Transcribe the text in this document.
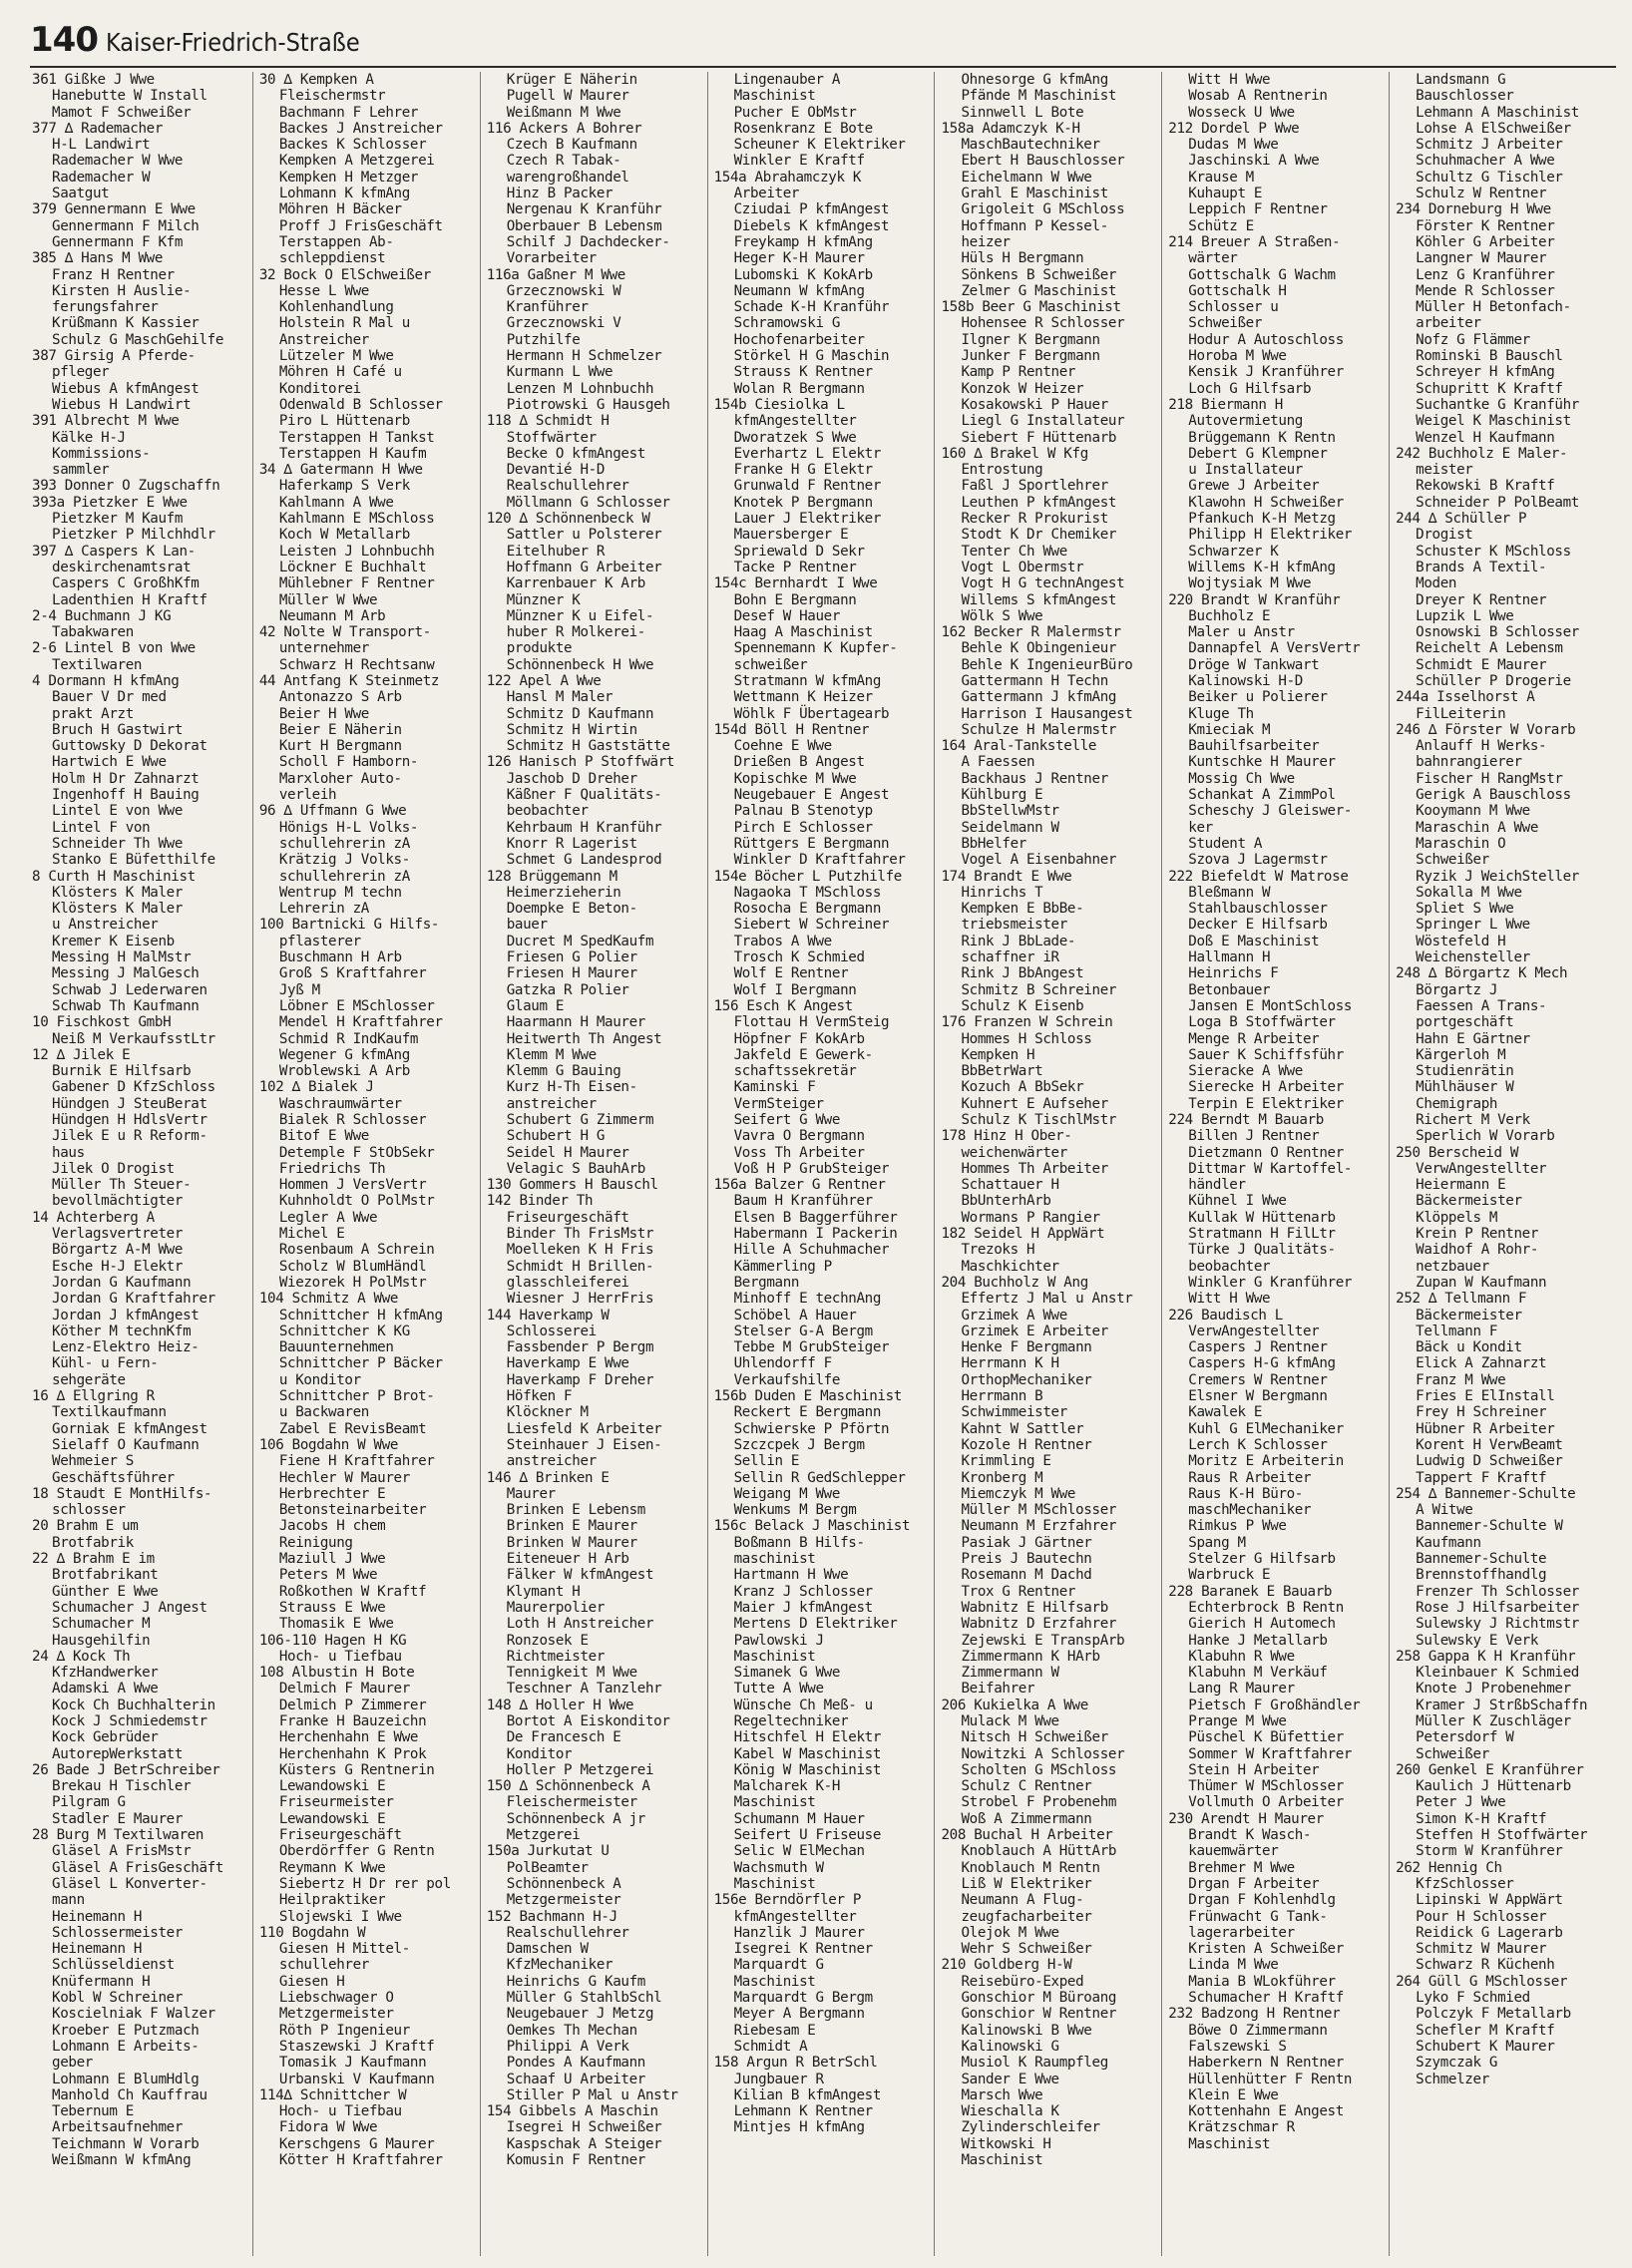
140 Kaiser-Friedrich-Straße
361 Gißke J Wwe
Hanebutte W Install
Mamot F Schweißer
377 ∆ Rademacher
H-L Landwirt
Rademacher W Wwe
Rademacher W
Saatgut
379 Gennermann E Wwe
Gennermann F Milch
Gennermann F Kfm
385 ∆ Hans M Wwe
Franz H Rentner
Kirsten H Auslie-
ferungsfahrer
Krüßmann K Kassier
Schulz G MaschGehilfe
387 Girsig A Pferde-
pfleger
Wiebus A kfmAngest
Wiebus H Landwirt
391 Albrecht M Wwe
Kälke H-J
Kommissions-
sammler
393 Donner O Zugschaffn
393a Pietzker E Wwe
Pietzker M Kaufm
Pietzker P Milchhdlr
397 ∆ Caspers K Lan-
deskirchenamtsrat
Caspers C GroßhKfm
Ladenthien H Kraftf
2-4 Buchmann J KG
Tabakwaren
2-6 Lintel B von Wwe
Textilwaren
4 Dormann H kfmAng
Bauer V Dr med
prakt Arzt
Bruch H Gastwirt
Guttowsky D Dekorat
Hartwich E Wwe
Holm H Dr Zahnarzt
Ingenhoff H Bauing
Lintel E von Wwe
Lintel F von
Schneider Th Wwe
Stanko E Büfetthilfe
8 Curth H Maschinist
Klösters K Maler
Klösters K Maler
u Anstreicher
Kremer K Eisenb
Messing H MalMstr
Messing J MalGesch
Schwab J Lederwaren
Schwab Th Kaufmann
10 Fischkost GmbH
Neiß M VerkaufsstLtr
12 ∆ Jilek E
Burnik E Hilfsarb
Gabener D KfzSchloss
Hündgen J SteuBerat
Hündgen H HdlsVertr
Jilek E u R Reform-
haus
Jilek O Drogist
Müller Th Steuer-
bevollmächtigter
14 Achterberg A
Verlagsvertreter
Börgartz A-M Wwe
Esche H-J Elektr
Jordan G Kaufmann
Jordan G Kraftfahrer
Jordan J kfmAngest
Köther M technKfm
Lenz-Elektro Heiz-
Kühl- u Fern-
sehgeräte
16 ∆ Ellgring R
Textilkaufmann
Gorniak E kfmAngest
Sielaff O Kaufmann
Wehmeier S
Geschäftsführer
18 Staudt E MontHilfs-
schlosser
20 Brahm E um
Brotfabrik
22 ∆ Brahm E im
Brotfabrikant
Günther E Wwe
Schumacher J Angest
Schumacher M
Hausgehilfin
24 ∆ Kock Th
KfzHandwerker
Adamski A Wwe
Kock Ch Buchhalterin
Kock J Schmiedemstr
Kock Gebrüder
AutorepWerkstatt
26 Bade J BetrSchreiber
Brekau H Tischler
Pilgram G
Stadler E Maurer
28 Burg M Textilwaren
Gläsel A FrisMstr
Gläsel A FrisGeschäft
Gläsel L Konverter-
mann
Heinemann H
Schlossermeister
Heinemann H
Schlüsseldienst
Knüfermann H
Kobl W Schreiner
Koscielniak F Walzer
Kroeber E Putzmach
Lohmann E Arbeits-
geber
Lohmann E BlumHdlg
Manhold Ch Kauffrau
Tebernum E
Arbeitsaufnehmer
Teichmann W Vorarb
Weißmann W kfmAng
30 ∆ Kempken A
Fleischermstr
Bachmann F Lehrer
Backes J Anstreicher
Backes K Schlosser
Kempken A Metzgerei
Kempken H Metzger
Lohmann K kfmAng
Möhren H Bäcker
Proff J FrisGeschäft
Terstappen Ab-
schleppdienst
32 Bock O ElSchweißer
Hesse L Wwe
Kohlenhandlung
Holstein R Mal u
Anstreicher
Lützeler M Wwe
Möhren H Café u
Konditorei
Odenwald B Schlosser
Piro L Hüttenarb
Terstappen H Tankst
Terstappen H Kaufm
34 ∆ Gatermann H Wwe
Haferkamp S Verk
Kahlmann A Wwe
Kahlmann E MSchloss
Koch W Metallarb
Leisten J Lohnbuchh
Löckner E Buchhalt
Mühlebner F Rentner
Müller W Wwe
Neumann M Arb
42 Nolte W Transport-
unternehmer
Schwarz H Rechtsanw
44 Antfang K Steinmetz
Antonazzo S Arb
Beier H Wwe
Beier E Näherin
Kurt H Bergmann
Scholl F Hamborn-
Marxloher Auto-
verleih
96 ∆ Uffmann G Wwe
Hönigs H-L Volks-
schullehrerin zA
Krätzig J Volks-
schullehrerin zA
Wentrup M techn
Lehrerin zA
100 Bartnicki G Hilfs-
pflasterer
Buschmann H Arb
Groß S Kraftfahrer
Jyß M
Löbner E MSchlosser
Mendel H Kraftfahrer
Schmid R IndKaufm
Wegener G kfmAng
Wroblewski A Arb
102 ∆ Bialek J
Waschraumwärter
Bialek R Schlosser
Bitof E Wwe
Detemple F StObSekr
Friedrichs Th
Hommen J VersVertr
Kuhnholdt O PolMstr
Legler A Wwe
Michel E
Rosenbaum A Schrein
Scholz W BlumHändl
Wiezorek H PolMstr
104 Schmitz A Wwe
Schnittcher H kfmAng
Schnittcher K KG
Bauunternehmen
Schnittcher P Bäcker
u Konditor
Schnittcher P Brot-
u Backwaren
Zabel E RevisBeamt
106 Bogdahn W Wwe
Fiene H Kraftfahrer
Hechler W Maurer
Herbrechter E
Betonsteinarbeiter
Jacobs H chem
Reinigung
Maziull J Wwe
Peters M Wwe
Roßkothen W Kraftf
Strauss E Wwe
Thomasik E Wwe
106-110 Hagen H KG
Hoch- u Tiefbau
108 Albustin H Bote
Delmich F Maurer
Delmich P Zimmerer
Franke H Bauzeichn
Herchenhahn E Wwe
Herchenhahn K Prok
Küsters G Rentnerin
Lewandowski E
Friseurmeister
Lewandowski E
Friseurgeschäft
Oberdörffer G Rentn
Reymann K Wwe
Siebertz H Dr rer pol
Heilpraktiker
Slojewski I Wwe
110 Bogdahn W
Giesen H Mittel-
schullehrer
Giesen H
Liebschwager O
Metzgermeister
Röth P Ingenieur
Staszewski J Kraftf
Tomasik J Kaufmann
Urbanski V Kaufmann
114∆ Schnittcher W
Hoch- u Tiefbau
Fidora W Wwe
Kerschgens G Maurer
Kötter H Kraftfahrer
Krüger E Näherin
Pugell W Maurer
Weißmann M Wwe
116 Ackers A Bohrer
Czech B Kaufmann
Czech R Tabak-
warengroßhandel
Hinz B Packer
Nergenau K Kranführ
Oberbauer B Lebensm
Schilf J Dachdecker-
Vorarbeiter
116a Gaßner M Wwe
Grzecznowski W
Kranführer
Grzecznowski V
Putzhilfe
Hermann H Schmelzer
Kurmann L Wwe
Lenzen M Lohnbuchh
Piotrowski G Hausgeh
118 ∆ Schmidt H
Stoffwärter
Becke O kfmAngest
Devantié H-D
Realschullehrer
Möllmann G Schlosser
120 ∆ Schönnenbeck W
Sattler u Polsterer
Eitelhuber R
Hoffmann G Arbeiter
Karrenbauer K Arb
Münzner K
Münzner K u Eifel-
huber R Molkerei-
produkte
Schönnenbeck H Wwe
122 Apel A Wwe
Hansl M Maler
Schmitz D Kaufmann
Schmitz H Wirtin
Schmitz H Gaststätte
126 Hanisch P Stoffwärt
Jaschob D Dreher
Käßner F Qualitäts-
beobachter
Kehrbaum H Kranführ
Knorr R Lagerist
Schmet G Landesprod
128 Brüggemann M
Heimerzieherin
Doempke E Beton-
bauer
Ducret M SpedKaufm
Friesen G Polier
Friesen H Maurer
Gatzka R Polier
Glaum E
Haarmann H Maurer
Heitwerth Th Angest
Klemm M Wwe
Klemm G Bauing
Kurz H-Th Eisen-
anstreicher
Schubert G Zimmerm
Schubert H G
Seidel H Maurer
Velagic S BauhArb
130 Gommers H Bauschl
142 Binder Th
Friseurgeschäft
Binder Th FrisMstr
Moelleken K H Fris
Schmidt H Brillen-
glasschleiferei
Wiesner J HerrFris
144 Haverkamp W
Schlosserei
Fassbender P Bergm
Haverkamp E Wwe
Haverkamp F Dreher
Höfken F
Klöckner M
Liesfeld K Arbeiter
Steinhauer J Eisen-
anstreicher
146 ∆ Brinken E
Maurer
Brinken E Lebensm
Brinken E Maurer
Brinken W Maurer
Eiteneuer H Arb
Fälker W kfmAngest
Klymant H
Maurerpolier
Loth H Anstreicher
Ronzosek E
Richtmeister
Tennigkeit M Wwe
Teschner A Tanzlehr
148 ∆ Holler H Wwe
Bortot A Eiskonditor
De Francesch E
Konditor
Holler P Metzgerei
150 ∆ Schönnenbeck A
Fleischermeister
Schönnenbeck A jr
Metzgerei
150a Jurkutat U
PolBeamter
Schönnenbeck A
Metzgermeister
152 Bachmann H-J
Realschullehrer
Damschen W
KfzMechaniker
Heinrichs G Kaufm
Müller G StahlbSchl
Neugebauer J Metzg
Oemkes Th Mechan
Philippi A Verk
Pondes A Kaufmann
Schaaf U Arbeiter
Stiller P Mal u Anstr
154 Gibbels A Maschin
Isegrei H Schweißer
Kaspschak A Steiger
Komusin F Rentner
Lingenauber A
Maschinist
Pucher E ObMstr
Rosenkranz E Bote
Scheuner K Elektriker
Winkler E Kraftf
154a Abrahamczyk K
Arbeiter
Cziudai P kfmAngest
Diebels K kfmAngest
Freykamp H kfmAng
Heger K-H Maurer
Lubomski K KokArb
Neumann W kfmAng
Schade K-H Kranführ
Schramowski G
Hochofenarbeiter
Störkel H G Maschin
Strauss K Rentner
Wolan R Bergmann
154b Ciesiolka L
kfmAngestellter
Dworatzek S Wwe
Everhartz L Elektr
Franke H G Elektr
Grunwald F Rentner
Knotek P Bergmann
Lauer J Elektriker
Mauersberger E
Spriewald D Sekr
Tacke P Rentner
154c Bernhardt I Wwe
Bohn E Bergmann
Desef W Hauer
Haag A Maschinist
Spennemann K Kupfer-
schweißer
Stratmann W kfmAng
Wettmann K Heizer
Wöhlk F Übertagearb
154d Böll H Rentner
Coehne E Wwe
Drießen B Angest
Kopischke M Wwe
Neugebauer E Angest
Palnau B Stenotyp
Pirch E Schlosser
Rüttgers E Bergmann
Winkler D Kraftfahrer
154e Böcher L Putzhilfe
Nagaoka T MSchloss
Rosocha E Bergmann
Siebert W Schreiner
Trabos A Wwe
Trosch K Schmied
Wolf E Rentner
Wolf I Bergmann
156 Esch K Angest
Flottau H VermSteig
Höpfner F KokArb
Jakfeld E Gewerk-
schaftssekretär
Kaminski F
VermSteiger
Seifert G Wwe
Vavra O Bergmann
Voss Th Arbeiter
Voß H P GrubSteiger
156a Balzer G Rentner
Baum H Kranführer
Elsen B Baggerführer
Habermann I Packerin
Hille A Schuhmacher
Kämmerling P
Bergmann
Minhoff E technAng
Schöbel A Hauer
Stelser G-A Bergm
Tebbe M GrubSteiger
Uhlendorff F
Verkaufshilfe
156b Duden E Maschinist
Reckert E Bergmann
Schwierske P Pförtn
Szczcpek J Bergm
Sellin E
Sellin R GedSchlepper
Weigang M Wwe
Wenkums M Bergm
156c Belack J Maschinist
Boßmann B Hilfs-
maschinist
Hartmann H Wwe
Kranz J Schlosser
Maier J kfmAngest
Mertens D Elektriker
Pawlowski J
Maschinist
Simanek G Wwe
Tutte A Wwe
Wünsche Ch Meß- u
Regeltechniker
Hitschfel H Elektr
Kabel W Maschinist
König W Maschinist
Malcharek K-H
Maschinist
Schumann M Hauer
Seifert U Friseuse
Selic W ElMechan
Wachsmuth W
Maschinist
156e Berndörfler P
kfmAngestellter
Hanzlik J Maurer
Isegrei K Rentner
Marquardt G
Maschinist
Marquardt G Bergm
Meyer A Bergmann
Riebesam E
Schmidt A
158 Argun R BetrSchl
Jungbauer R
Kilian B kfmAngest
Lehmann K Rentner
Mintjes H kfmAng
Ohnesorge G kfmAng
Pfände M Maschinist
Sinnwell L Bote
158a Adamczyk K-H
MaschBautechniker
Ebert H Bauschlosser
Eichelmann W Wwe
Grahl E Maschinist
Grigoleit G MSchloss
Hoffmann P Kessel-
heizer
Hüls H Bergmann
Sönkens B Schweißer
Zelmer G Maschinist
158b Beer G Maschinist
Hohensee R Schlosser
Ilgner K Bergmann
Junker F Bergmann
Kamp P Rentner
Konzok W Heizer
Kosakowski P Hauer
Liegl G Installateur
Siebert F Hüttenarb
160 ∆ Brakel W Kfg
Entrostung
Faßl J Sportlehrer
Leuthen P kfmAngest
Recker R Prokurist
Stodt K Dr Chemiker
Tenter Ch Wwe
Vogt L Obermstr
Vogt H G technAngest
Willems S kfmAngest
Wölk S Wwe
162 Becker R Malermstr
Behle K Obingenieur
Behle K IngenieurBüro
Gattermann H Techn
Gattermann J kfmAng
Harrison I Hausangest
Schulze H Malermstr
164 Aral-Tankstelle
A Faessen
Backhaus J Rentner
Kühlburg E
BbStellwMstr
Seidelmann W
BbHelfer
Vogel A Eisenbahner
174 Brandt E Wwe
Hinrichs T
Kempken E BbBe-
triebsmeister
Rink J BbLade-
schaffner iR
Rink J BbAngest
Schmitz B Schreiner
Schulz K Eisenb
176 Franzen W Schrein
Hommes H Schloss
Kempken H
BbBetrWart
Kozuch A BbSekr
Kuhnert E Aufseher
Schulz K TischlMstr
178 Hinz H Ober-
weichenwärter
Hommes Th Arbeiter
Schattauer H
BbUnterhArb
Wormans P Rangier
182 Seidel H AppWärt
Trezoks H
Maschkichter
204 Buchholz W Ang
Effertz J Mal u Anstr
Grzimek A Wwe
Grzimek E Arbeiter
Henke F Bergmann
Herrmann K H
OrthopMechaniker
Herrmann B
Schwimmeister
Kahnt W Sattler
Kozole H Rentner
Krimmling E
Kronberg M
Miemczyk M Wwe
Müller M MSchlosser
Neumann M Erzfahrer
Pasiak J Gärtner
Preis J Bautechn
Rosemann M Dachd
Trox G Rentner
Wabnitz E Hilfsarb
Wabnitz D Erzfahrer
Zejewski E TranspArb
Zimmermann K HArb
Zimmermann W
Beifahrer
206 Kukielka A Wwe
Mulack M Wwe
Nitsch H Schweißer
Nowitzki A Schlosser
Scholten G MSchloss
Schulz C Rentner
Strobel F Probenehm
Woß A Zimmermann
208 Buchal H Arbeiter
Knoblauch A HüttArb
Knoblauch M Rentn
Liß W Elektriker
Neumann A Flug-
zeugfacharbeiter
Olejok M Wwe
Wehr S Schweißer
210 Goldberg H-W
Reisebüro-Exped
Gonschior M Büroang
Gonschior W Rentner
Kalinowski B Wwe
Kalinowski G
Musiol K Raumpfleg
Sander E Wwe
Marsch Wwe
Wieschalla K
Zylinderschleifer
Witkowski H
Maschinist
Witt H Wwe
Wosab A Rentnerin
Wosseck U Wwe
212 Dordel P Wwe
Dudas M Wwe
Jaschinski A Wwe
Krause M
Kuhaupt E
Leppich F Rentner
Schütz E
214 Breuer A Straßen-
wärter
Gottschalk G Wachm
Gottschalk H
Schlosser u
Schweißer
Hodur A Autoschloss
Horoba M Wwe
Kensik J Kranführer
Loch G Hilfsarb
218 Biermann H
Autovermietung
Brüggemann K Rentn
Debert G Klempner
u Installateur
Grewe J Arbeiter
Klawohn H Schweißer
Pfankuch K-H Metzg
Philipp H Elektriker
Schwarzer K
Willems K-H kfmAng
Wojtysiak M Wwe
220 Brandt W Kranführ
Buchholz E
Maler u Anstr
Dannapfel A VersVertr
Dröge W Tankwart
Kalinowski H-D
Beiker u Polierer
Kluge Th
Kmieciak M
Bauhilfsarbeiter
Kuntschke H Maurer
Mossig Ch Wwe
Schankat A ZimmPol
Scheschy J Gleiswer-
ker
Student A
Szova J Lagermstr
222 Biefeldt W Matrose
Bleßmann W
Stahlbauschlosser
Decker E Hilfsarb
Doß E Maschinist
Hallmann H
Heinrichs F
Betonbauer
Jansen E MontSchloss
Loga B Stoffwärter
Menge R Arbeiter
Sauer K Schiffsführ
Sieracke A Wwe
Sierecke H Arbeiter
Terpin E Elektriker
224 Berndt M Bauarb
Billen J Rentner
Dietzmann O Rentner
Dittmar W Kartoffel-
händler
Kühnel I Wwe
Kullak W Hüttenarb
Stratmann H FilLtr
Türke J Qualitäts-
beobachter
Winkler G Kranführer
Witt H Wwe
226 Baudisch L
VerwAngestellter
Caspers J Rentner
Caspers H-G kfmAng
Cremers W Rentner
Elsner W Bergmann
Kawalek E
Kuhl G ElMechaniker
Lerch K Schlosser
Moritz E Arbeiterin
Raus R Arbeiter
Raus K-H Büro-
maschMechaniker
Rimkus P Wwe
Spang M
Stelzer G Hilfsarb
Warbruck E
228 Baranek E Bauarb
Echterbrock B Rentn
Gierich H Automech
Hanke J Metallarb
Klabuhn R Wwe
Klabuhn M Verkäuf
Lang R Maurer
Pietsch F Großhändler
Prange M Wwe
Püschel K Büfettier
Sommer W Kraftfahrer
Stein H Arbeiter
Thümer W MSchlosser
Vollmuth O Arbeiter
230 Arendt H Maurer
Brandt K Wasch-
kauemwärter
Brehmer M Wwe
Drgan F Arbeiter
Drgan F Kohlenhdlg
Frünwacht G Tank-
lagerarbeiter
Kristen A Schweißer
Linda M Wwe
Mania B WLokführer
Schumacher H Kraftf
232 Badzong H Rentner
Böwe O Zimmermann
Falszewski S
Haberkern N Rentner
Hüllenhütter F Rentn
Klein E Wwe
Kottenhahn E Angest
Krätzschmar R
Maschinist
Landsmann G
Bauschlosser
Lehmann A Maschinist
Lohse A ElSchweißer
Schmitz J Arbeiter
Schuhmacher A Wwe
Schultz G Tischler
Schulz W Rentner
234 Dorneburg H Wwe
Förster K Rentner
Köhler G Arbeiter
Langner W Maurer
Lenz G Kranführer
Mende R Schlosser
Müller H Betonfach-
arbeiter
Nofz G Flämmer
Rominski B Bauschl
Schreyer H kfmAng
Schupritt K Kraftf
Suchantke G Kranführ
Weigel K Maschinist
Wenzel H Kaufmann
242 Buchholz E Maler-
meister
Rekowski B Kraftf
Schneider P PolBeamt
244 ∆ Schüller P
Drogist
Schuster K MSchloss
Brands A Textil-
Moden
Dreyer K Rentner
Lupzik L Wwe
Osnowski B Schlosser
Reichelt A Lebensm
Schmidt E Maurer
Schüller P Drogerie
244a Isselhorst A
FilLeiterin
246 ∆ Förster W Vorarb
Anlauff H Werks-
bahnrangierer
Fischer H RangMstr
Gerigk A Bauschloss
Kooymann M Wwe
Maraschin A Wwe
Maraschin O
Schweißer
Ryzik J WeichSteller
Sokalla M Wwe
Spliet S Wwe
Springer L Wwe
Wöstefeld H
Weichensteller
248 ∆ Börgartz K Mech
Börgartz J
Faessen A Trans-
portgeschäft
Hahn E Gärtner
Kärgerloh M
Studienrätin
Mühlhäuser W
Chemigraph
Richert M Verk
Sperlich W Vorarb
250 Berscheid W
VerwAngestellter
Heiermann E
Bäckermeister
Klöppels M
Krein P Rentner
Waidhof A Rohr-
netzbauer
Zupan W Kaufmann
252 ∆ Tellmann F
Bäckermeister
Tellmann F
Bäck u Kondit
Elick A Zahnarzt
Franz M Wwe
Fries E ElInstall
Frey H Schreiner
Hübner R Arbeiter
Korent H VerwBeamt
Ludwig D Schweißer
Tappert F Kraftf
254 ∆ Bannemer-Schulte
A Witwe
Bannemer-Schulte W
Kaufmann
Bannemer-Schulte
Brennstoffhandlg
Frenzer Th Schlosser
Rose J Hilfsarbeiter
Sulewsky J Richtmstr
Sulewsky E Verk
258 Gappa K H Kranführ
Kleinbauer K Schmied
Knote J Probenehmer
Kramer J StrßbSchaffn
Müller K Zuschläger
Petersdorf W
Schweißer
260 Genkel E Kranführer
Kaulich J Hüttenarb
Peter J Wwe
Simon K-H Kraftf
Steffen H Stoffwärter
Storm W Kranführer
262 Hennig Ch
KfzSchlosser
Lipinski W AppWärt
Pour H Schlosser
Reidick G Lagerarb
Schmitz W Maurer
Schwarz R Küchenh
264 Güll G MSchlosser
Lyko F Schmied
Polczyk F Metallarb
Schefler M Kraftf
Schubert K Maurer
Szymczak G
Schmelzer
